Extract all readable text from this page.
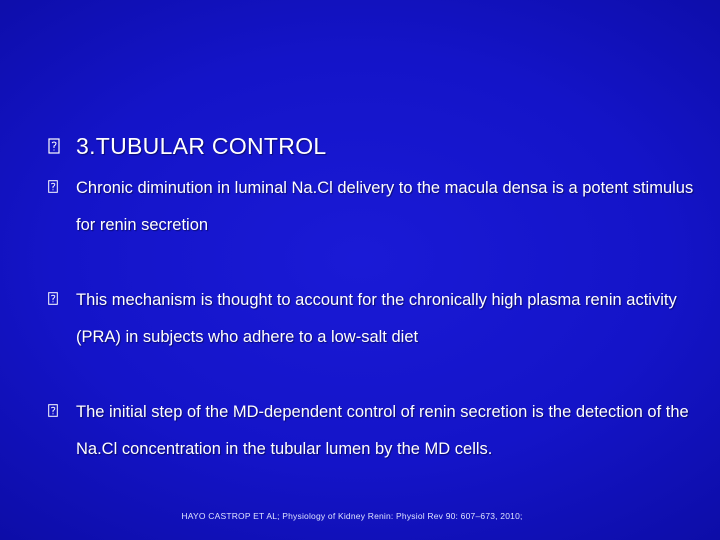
3.TUBULAR CONTROL
Chronic diminution in luminal Na.Cl delivery to the macula densa is a potent stimulus for renin secretion
This mechanism is thought to account for the chronically high plasma renin activity (PRA) in subjects who adhere to a low-salt diet
The initial step of the MD-dependent control of renin secretion is the detection of the Na.Cl concentration in the tubular lumen by the MD cells.
HAYO CASTROP ET AL; Physiology of Kidney Renin: Physiol Rev 90: 607–673, 2010;
